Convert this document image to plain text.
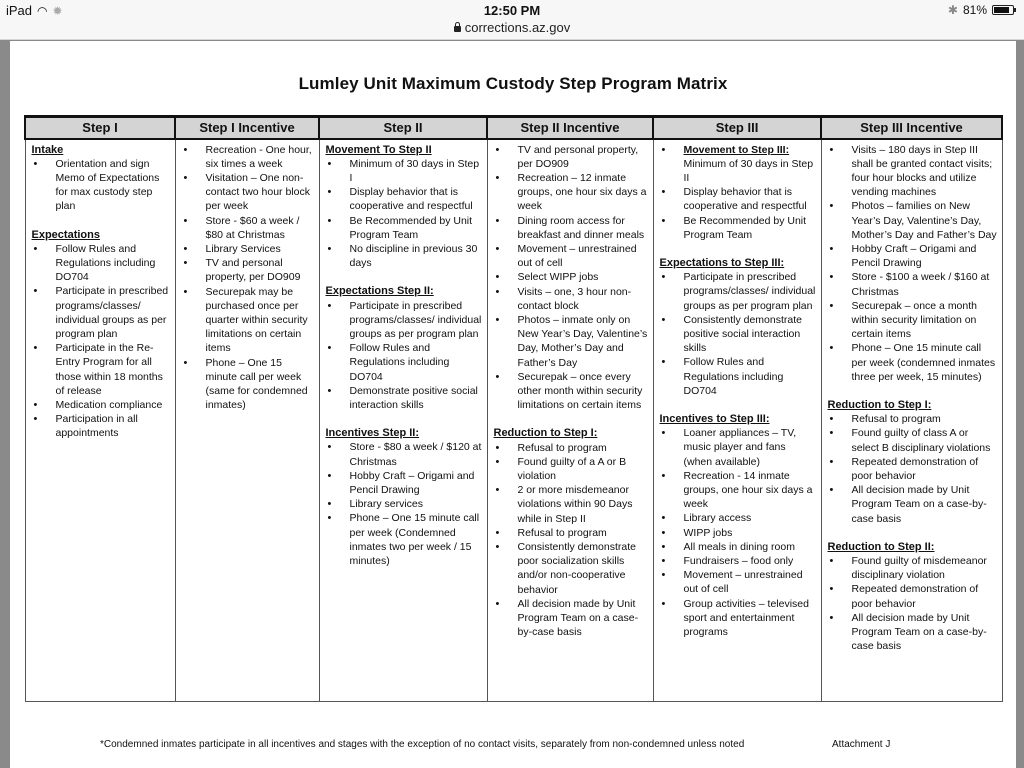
iPad ◠ ✹	12:50 PM	✱ 81%
corrections.az.gov
Lumley Unit Maximum Custody Step Program Matrix
Step I	Step I Incentive	Step II	Step II Incentive	Step III	Step III Incentive

Intake
• Orientation and sign Memo of Expectations for max custody step plan
Expectations
• Follow Rules and Regulations including DO704
• Participate in prescribed programs/classes/ individual groups as per program plan
• Participate in the Re-Entry Program for all those within 18 months of release
• Medication compliance
• Participation in all appointments

• Recreation - One hour, six times a week
• Visitation – One non-contact two hour block per week
• Store - $60 a week / $80 at Christmas
• Library Services
• TV and personal property, per DO909
• Securepak may be purchased once per quarter within security limitations on certain items
• Phone – One 15 minute call per week (same for condemned inmates)

Movement To Step II
• Minimum of 30 days in Step I
• Display behavior that is cooperative and respectful
• Be Recommended by Unit Program Team
• No discipline in previous 30 days
Expectations Step II:
• Participate in prescribed programs/classes/ individual groups as per program plan
• Follow Rules and Regulations including DO704
• Demonstrate positive social interaction skills
Incentives Step II:
• Store - $80 a week / $120 at Christmas
• Hobby Craft – Origami and Pencil Drawing
• Library services
• Phone – One 15 minute call per week (Condemned inmates two per week / 15 minutes)

• TV and personal property, per DO909
• Recreation – 12 inmate groups, one hour six days a week
• Dining room access for breakfast and dinner meals
• Movement – unrestrained out of cell
• Select WIPP jobs
• Visits – one, 3 hour non-contact block
• Photos – inmate only on New Year’s Day, Valentine’s Day, Mother’s Day and Father’s Day
• Securepak – once every other month within security limitations on certain items
Reduction to Step I:
• Refusal to program
• Found guilty of a A or B violation
• 2 or more misdemeanor violations within 90 Days while in Step II
• Refusal to program
• Consistently demonstrate poor socialization skills and/or non-cooperative behavior
• All decision made by Unit Program Team on a case-by-case basis

• Movement to Step III:
Minimum of 30 days in Step II
• Display behavior that is cooperative and respectful
• Be Recommended by Unit Program Team
Expectations to Step III:
• Participate in prescribed programs/classes/ individual groups as per program plan
• Consistently demonstrate positive social interaction skills
• Follow Rules and Regulations including DO704
Incentives to Step III:
• Loaner appliances – TV, music player and fans (when available)
• Recreation - 14 inmate groups, one hour six days a week
• Library access
• WIPP jobs
• All meals in dining room
• Fundraisers – food only
• Movement – unrestrained out of cell
• Group activities – televised sport and entertainment programs

• Visits – 180 days in Step III shall be granted contact visits; four hour blocks and utilize vending machines
• Photos – families on New Year’s Day, Valentine’s Day, Mother’s Day and Father’s Day
• Hobby Craft – Origami and Pencil Drawing
• Store - $100 a week / $160 at Christmas
• Securepak – once a month within security limitation on certain items
• Phone – One 15 minute call per week (condemned inmates three per week, 15 minutes)
Reduction to Step I:
• Refusal to program
• Found guilty of class A or select B disciplinary violations
• Repeated demonstration of poor behavior
• All decision made by Unit Program Team on a case-by-case basis
Reduction to Step II:
• Found guilty of misdemeanor disciplinary violation
• Repeated demonstration of poor behavior
• All decision made by Unit Program Team on a case-by-case basis
*Condemned inmates participate in all incentives and stages with the exception of no contact visits, separately from non-condemned unless noted	Attachment J
